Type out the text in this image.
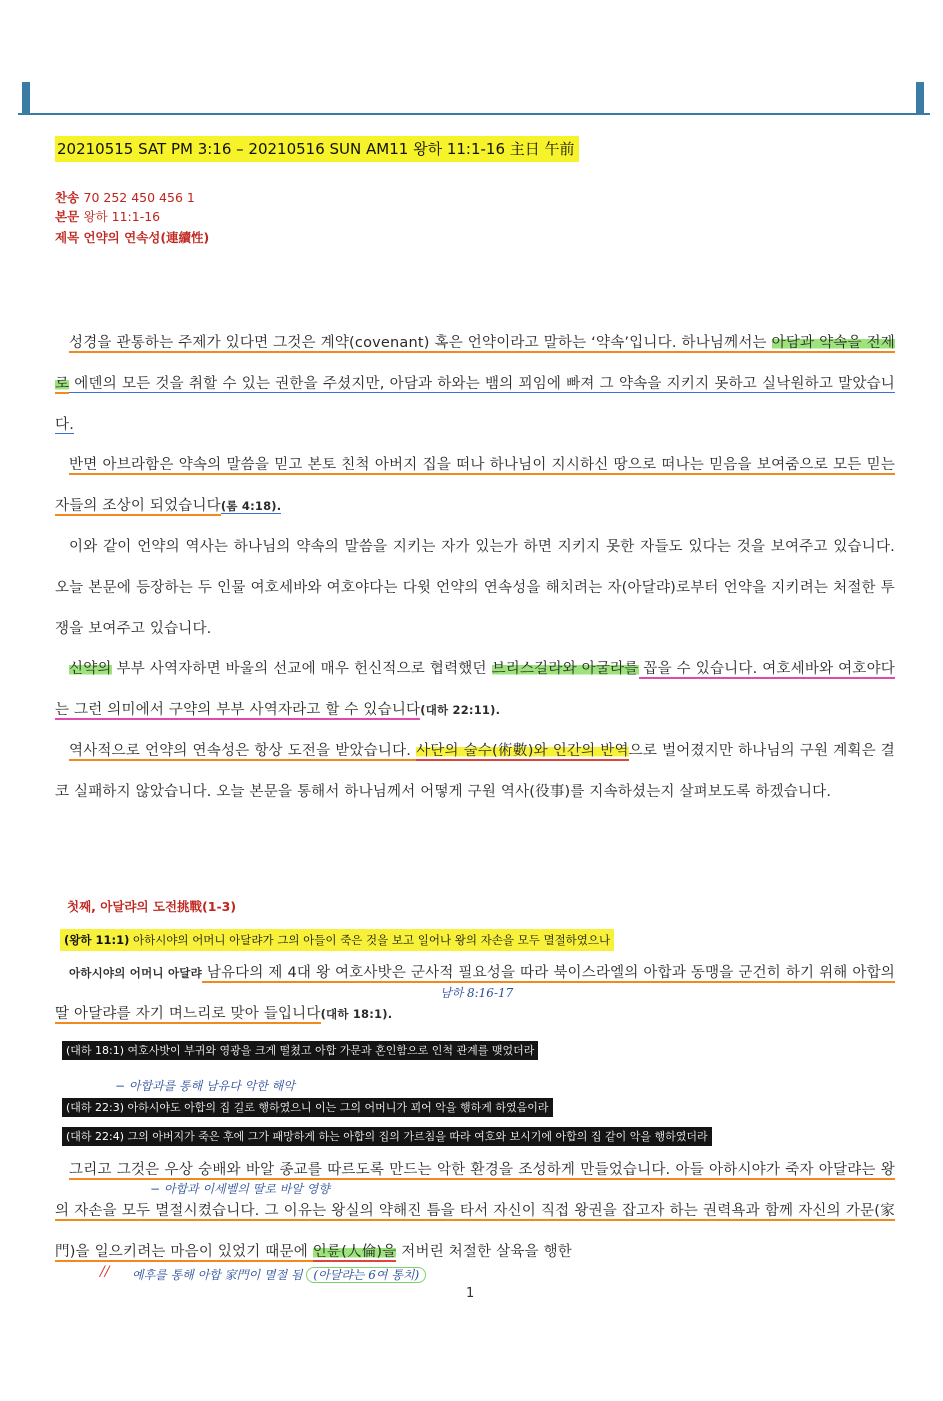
20210515 SAT PM 3:16 – 20210516 SUN AM11 왕하 11:1-16 主日 午前
찬송 70 252 450 456 1
본문 왕하 11:1-16
제목 언약의 연속성(連續性)

성경을 관통하는 주제가 있다면 그것은 계약(covenant) 혹은 언약이라고 말하는 ‘약속’입니다. 하나님께서는 아담과 약속을 전제로 에덴의 모든 것을 취할 수 있는 권한을 주셨지만, 아담과 하와는 뱀의 꾀임에 빠져 그 약속을 지키지 못하고 실낙원하고 말았습니다.

반면 아브라함은 약속의 말씀을 믿고 본토 친척 아버지 집을 떠나 하나님이 지시하신 땅으로 떠나는 믿음을 보여줌으로 모든 믿는 자들의 조상이 되었습니다(롬 4:18).

이와 같이 언약의 역사는 하나님의 약속의 말씀을 지키는 자가 있는가 하면 지키지 못한 자들도 있다는 것을 보여주고 있습니다. 오늘 본문에 등장하는 두 인물 여호세바와 여호야다는 다윗 언약의 연속성을 해치려는 자(아달랴)로부터 언약을 지키려는 처절한 투쟁을 보여주고 있습니다.

신약의 부부 사역자하면 바울의 선교에 매우 헌신적으로 협력했던 브리스길라와 아굴라를 꼽을 수 있습니다. 여호세바와 여호야다는 그런 의미에서 구약의 부부 사역자라고 할 수 있습니다(대하 22:11).

역사적으로 언약의 연속성은 항상 도전을 받았습니다. 사단의 술수(術數)와 인간의 반역으로 벌어졌지만 하나님의 구원 계획은 결코 실패하지 않았습니다. 오늘 본문을 통해서 하나님께서 어떻게 구원 역사(役事)를 지속하셨는지 살펴보도록 하겠습니다.

첫째, 아달랴의 도전挑戰(1-3)
(왕하 11:1) 아하시야의 어머니 아달랴가 그의 아들이 죽은 것을 보고 일어나 왕의 자손을 모두 멸절하였으나

아하시야의 어머니 아달랴 남유다의 제 4대 왕 여호사밧은 군사적 필요성을 따라 북이스라엘의 아합과 동맹을 군건히 하기 위해 아합의 딸 아달랴를 자기 며느리로 맞아 들입니다(대하 18:1).

남하 8:16-17
(대하 18:1) 여호사밧이 부귀와 영광을 크게 떨쳤고 아합 가문과 혼인함으로 인척 관계를 맺었더라
− 아합과를 통해 남유다 악한 해악
(대하 22:3) 아하시야도 아합의 집 길로 행하였으니 이는 그의 어머니가 꾀어 악을 행하게 하였음이라
(대하 22:4) 그의 아버지가 죽은 후에 그가 패망하게 하는 아합의 집의 가르침을 따라 여호와 보시기에 아합의 집 같이 악을 행하였더라

그리고 그것은 우상 숭배와 바알 종교를 따르도록 만드는 악한 환경을 조성하게 만들었습니다. 아들 아하시야가 죽자 아달랴는 왕의 자손을 모두 멸절시켰습니다. 그 이유는 왕실의 약해진 틈을 타서 자신이 직접 왕권을 잡고자 하는 권력욕과 함께 자신의 가문(家門)을 일으키려는 마음이 있었기 때문에 인륜(人倫)을 저버린 처절한 살육을 행한

− 아합과 이세벨의 딸로 바알 영향
// 예후를 통해 아합 家門이 멸절 됨 (아달랴는 6여 통치)
1
